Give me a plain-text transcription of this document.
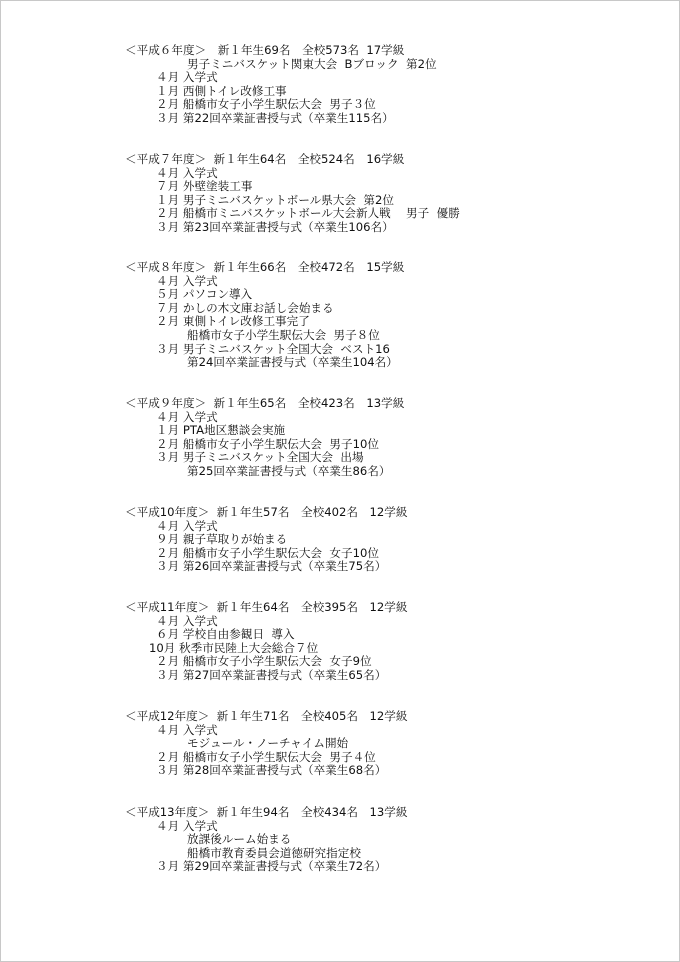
＜平成６年度＞　新１年生69名　全校573名  17学級
男子ミニバスケット関東大会  Bブロック  第2位
４月 入学式
１月 西側トイレ改修工事
２月 船橋市女子小学生駅伝大会  男子３位
３月 第22回卒業証書授与式（卒業生115名）
＜平成７年度＞  新１年生64名　全校524名　16学級
４月 入学式
７月 外壁塗装工事
１月 男子ミニバスケットボール県大会  第2位
２月 船橋市ミニバスケットボール大会新人戦　 男子  優勝
３月 第23回卒業証書授与式（卒業生106名）
＜平成８年度＞  新１年生66名　全校472名　15学級
４月 入学式
５月 パソコン導入
７月 かしの木文庫お話し会始まる
２月 東側トイレ改修工事完了
船橋市女子小学生駅伝大会  男子８位
３月 男子ミニバスケット全国大会  ベスト16
第24回卒業証書授与式（卒業生104名）
＜平成９年度＞  新１年生65名　全校423名　13学級
４月 入学式
１月 PTA地区懇談会実施
２月 船橋市女子小学生駅伝大会  男子10位
３月 男子ミニバスケット全国大会  出場
第25回卒業証書授与式（卒業生86名）
＜平成10年度＞  新１年生57名　全校402名　12学級
４月 入学式
９月 親子草取りが始まる
２月 船橋市女子小学生駅伝大会  女子10位
３月 第26回卒業証書授与式（卒業生75名）
＜平成11年度＞  新１年生64名　全校395名　12学級
４月 入学式
６月 学校自由参観日  導入
10月 秋季市民陸上大会総合７位
２月 船橋市女子小学生駅伝大会  女子9位
３月 第27回卒業証書授与式（卒業生65名）
＜平成12年度＞  新１年生71名　全校405名　12学級
４月 入学式
モジュール・ノーチャイム開始
２月 船橋市女子小学生駅伝大会  男子４位
３月 第28回卒業証書授与式（卒業生68名）
＜平成13年度＞  新１年生94名　全校434名　13学級
４月 入学式
放課後ルーム始まる
船橋市教育委員会道徳研究指定校
３月 第29回卒業証書授与式（卒業生72名）
